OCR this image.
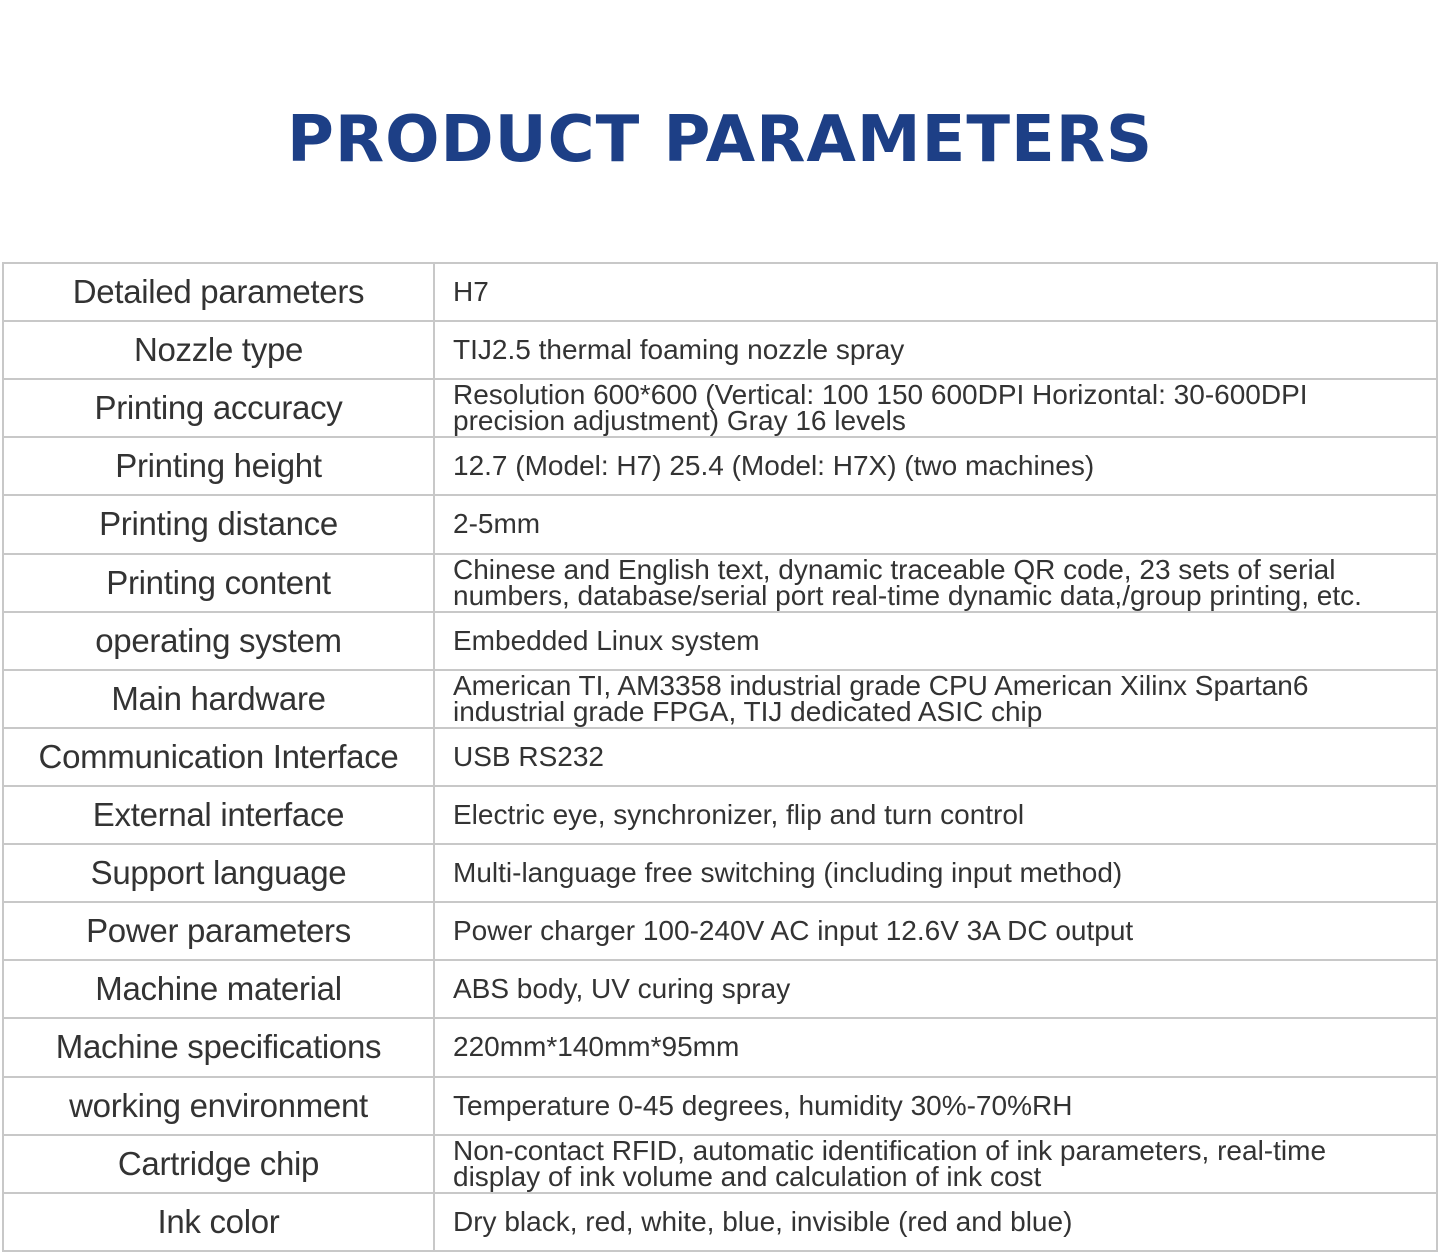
PRODUCT PARAMETERS
Detailed parameters	H7
Nozzle type	TIJ2.5 thermal foaming nozzle spray
Printing accuracy	Resolution 600*600 (Vertical: 100 150 600DPI Horizontal: 30-600DPI precision adjustment) Gray 16 levels
Printing height	12.7 (Model: H7) 25.4 (Model: H7X) (two machines)
Printing distance	2-5mm
Printing content	Chinese and English text, dynamic traceable QR code, 23 sets of serial numbers, database/serial port real-time dynamic data,/group printing, etc.
operating system	Embedded Linux system
Main hardware	American TI, AM3358 industrial grade CPU American Xilinx Spartan6 industrial grade FPGA, TIJ dedicated ASIC chip
Communication Interface	USB RS232
External interface	Electric eye, synchronizer, flip and turn control
Support language	Multi-language free switching (including input method)
Power parameters	Power charger 100-240V AC input 12.6V 3A DC output
Machine material	ABS body, UV curing spray
Machine specifications	220mm*140mm*95mm
working environment	Temperature 0-45 degrees, humidity 30%-70%RH
Cartridge chip	Non-contact RFID, automatic identification of ink parameters, real-time display of ink volume and calculation of ink cost
Ink color	Dry black, red, white, blue, invisible (red and blue)
